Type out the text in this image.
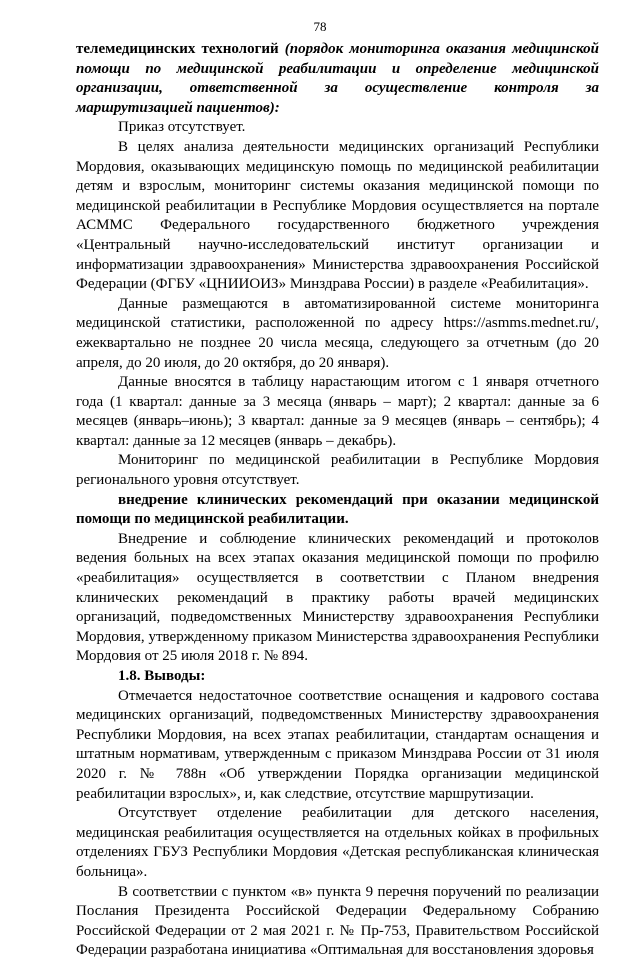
78

телемедицинских технологий (порядок мониторинга оказания медицинской помощи по медицинской реабилитации и определение медицинской организации, ответственной за осуществление контроля за маршрутизацией пациентов):

Приказ отсутствует.

В целях анализа деятельности медицинских организаций Республики Мордовия, оказывающих медицинскую помощь по медицинской реабилитации детям и взрослым, мониторинг системы оказания медицинской помощи по медицинской реабилитации в Республике Мордовия осуществляется на портале АСММС Федерального государственного бюджетного учреждения «Центральный научно-исследовательский институт организации и информатизации здравоохранения» Министерства здравоохранения Российской Федерации (ФГБУ «ЦНИИОИЗ» Минздрава России) в разделе «Реабилитация».

Данные размещаются в автоматизированной системе мониторинга медицинской статистики, расположенной по адресу https://asmms.mednet.ru/, ежеквартально не позднее 20 числа месяца, следующего за отчетным (до 20 апреля, до 20 июля, до 20 октября, до 20 января).

Данные вносятся в таблицу нарастающим итогом с 1 января отчетного года (1 квартал: данные за 3 месяца (январь – март); 2 квартал: данные за 6 месяцев (январь–июнь); 3 квартал: данные за 9 месяцев (январь – сентябрь); 4 квартал: данные за 12 месяцев (январь – декабрь).

Мониторинг по медицинской реабилитации в Республике Мордовия регионального уровня отсутствует.

внедрение клинических рекомендаций при оказании медицинской помощи по медицинской реабилитации.

Внедрение и соблюдение клинических рекомендаций и протоколов ведения больных на всех этапах оказания медицинской помощи по профилю «реабилитация» осуществляется в соответствии с Планом внедрения клинических рекомендаций в практику работы врачей медицинских организаций, подведомственных Министерству здравоохранения Республики Мордовия, утвержденному приказом Министерства здравоохранения Республики Мордовия от 25 июля 2018 г. № 894.

1.8. Выводы:

Отмечается недостаточное соответствие оснащения и кадрового состава медицинских организаций, подведомственных Министерству здравоохранения Республики Мордовия, на всех этапах реабилитации, стандартам оснащения и штатным нормативам, утвержденным с приказом Минздрава России от 31 июля 2020 г. № 788н «Об утверждении Порядка организации медицинской реабилитации взрослых», и, как следствие, отсутствие маршрутизации.

Отсутствует отделение реабилитации для детского населения, медицинская реабилитация осуществляется на отдельных койках в профильных отделениях ГБУЗ Республики Мордовия «Детская республиканская клиническая больница».

В соответствии с пунктом «в» пункта 9 перечня поручений по реализации Послания Президента Российской Федерации Федеральному Собранию Российской Федерации от 2 мая 2021 г. № Пр-753, Правительством Российской Федерации разработана инициатива «Оптимальная для восстановления здоровья
